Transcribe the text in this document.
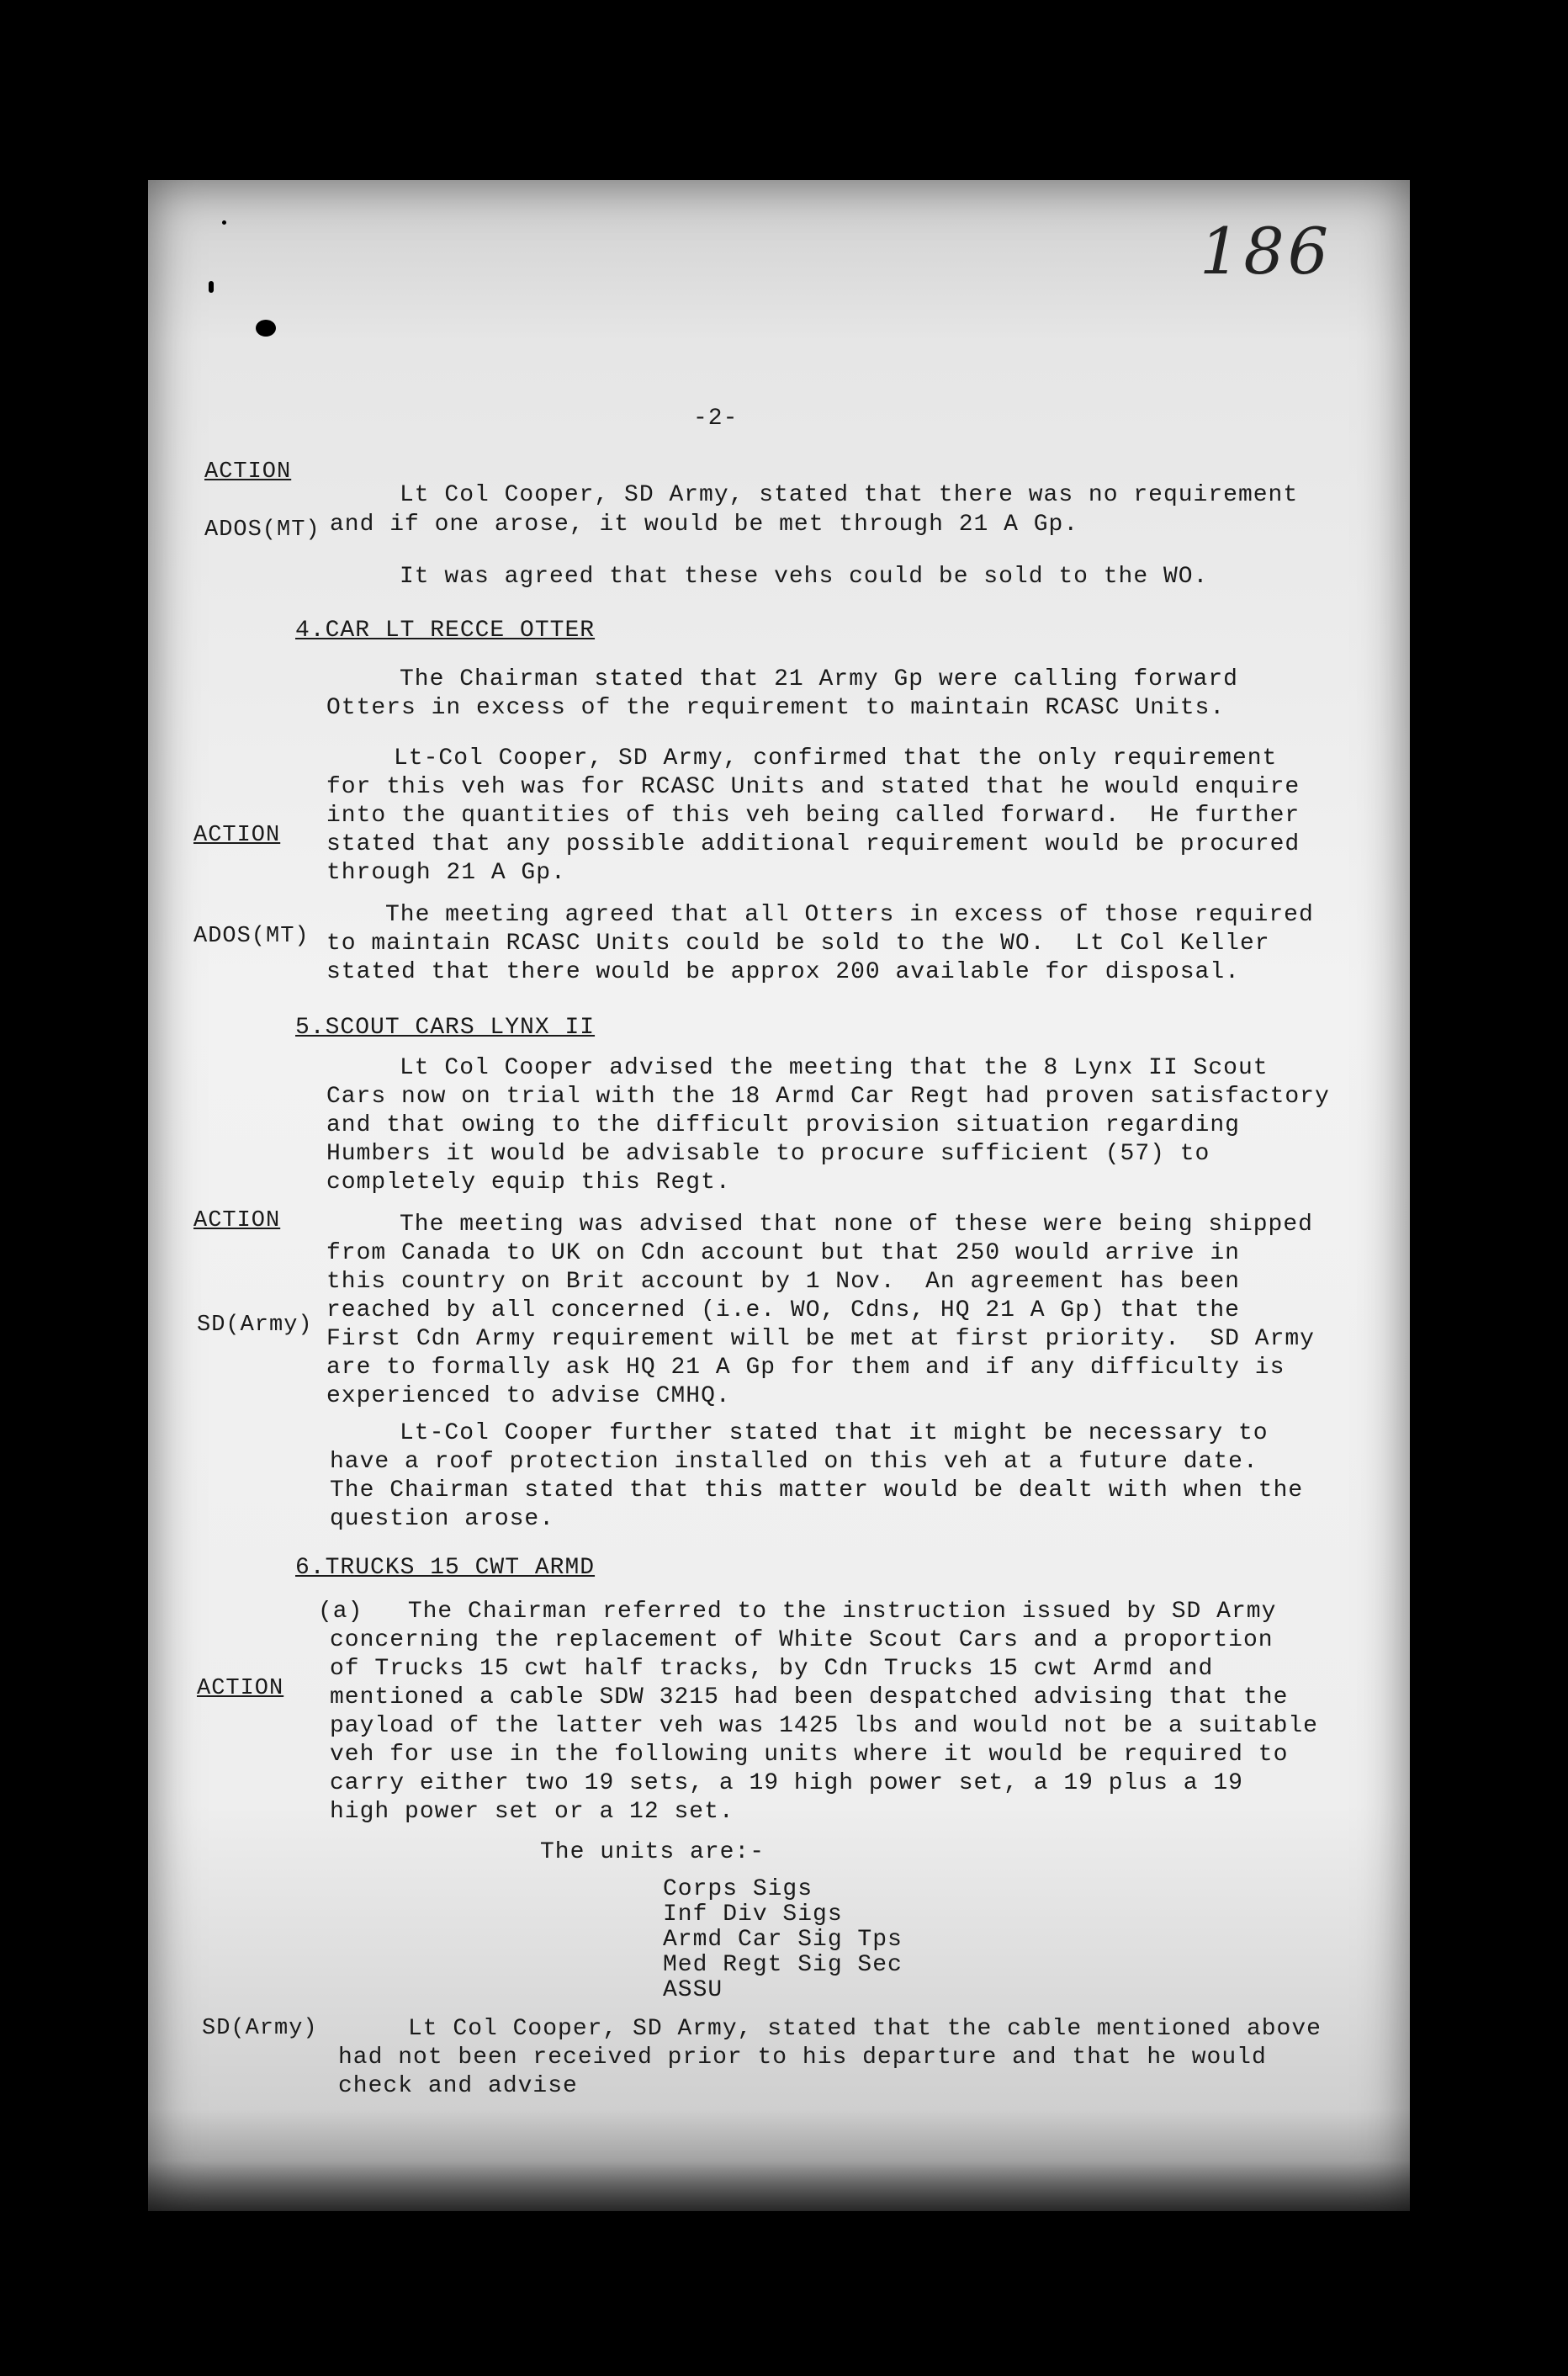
186
-2-
ACTION
ADOS(MT)
Lt Col Cooper, SD Army, stated that there was no requirement
and if one arose, it would be met through 21 A Gp.
It was agreed that these vehs could be sold to the WO.
4.CAR LT RECCE OTTER
The Chairman stated that 21 Army Gp were calling forward
Otters in excess of the requirement to maintain RCASC Units.
Lt-Col Cooper, SD Army, confirmed that the only requirement
for this veh was for RCASC Units and stated that he would enquire
into the quantities of this veh being called forward.  He further
stated that any possible additional requirement would be procured
through 21 A Gp.
ACTION
The meeting agreed that all Otters in excess of those required
to maintain RCASC Units could be sold to the WO.  Lt Col Keller
stated that there would be approx 200 available for disposal.
ADOS(MT)
5.SCOUT CARS LYNX II
Lt Col Cooper advised the meeting that the 8 Lynx II Scout
Cars now on trial with the 18 Armd Car Regt had proven satisfactory
and that owing to the difficult provision situation regarding
Humbers it would be advisable to procure sufficient (57) to
completely equip this Regt.
ACTION	The meeting was advised that none of these were being shipped
from Canada to UK on Cdn account but that 250 would arrive in
this country on Brit account by 1 Nov.  An agreement has been
reached by all concerned (i.e. WO, Cdns, HQ 21 A Gp) that the
First Cdn Army requirement will be met at first priority.  SD Army
are to formally ask HQ 21 A Gp for them and if any difficulty is
experienced to advise CMHQ.
SD(Army)
Lt-Col Cooper further stated that it might be necessary to
have a roof protection installed on this veh at a future date.
The Chairman stated that this matter would be dealt with when the
question arose.
6.TRUCKS 15 CWT ARMD
(a)   The Chairman referred to the instruction issued by SD Army
concerning the replacement of White Scout Cars and a proportion
of Trucks 15 cwt half tracks, by Cdn Trucks 15 cwt Armd and
mentioned a cable SDW 3215 had been despatched advising that the
payload of the latter veh was 1425 lbs and would not be a suitable
veh for use in the following units where it would be required to
carry either two 19 sets, a 19 high power set, a 19 plus a 19
high power set or a 12 set.
ACTION
The units are:-
Corps Sigs
Inf Div Sigs
Armd Car Sig Tps
Med Regt Sig Sec
ASSU
SD(Army)	Lt Col Cooper, SD Army, stated that the cable mentioned above
had not been received prior to his departure and that he would
check and advise
